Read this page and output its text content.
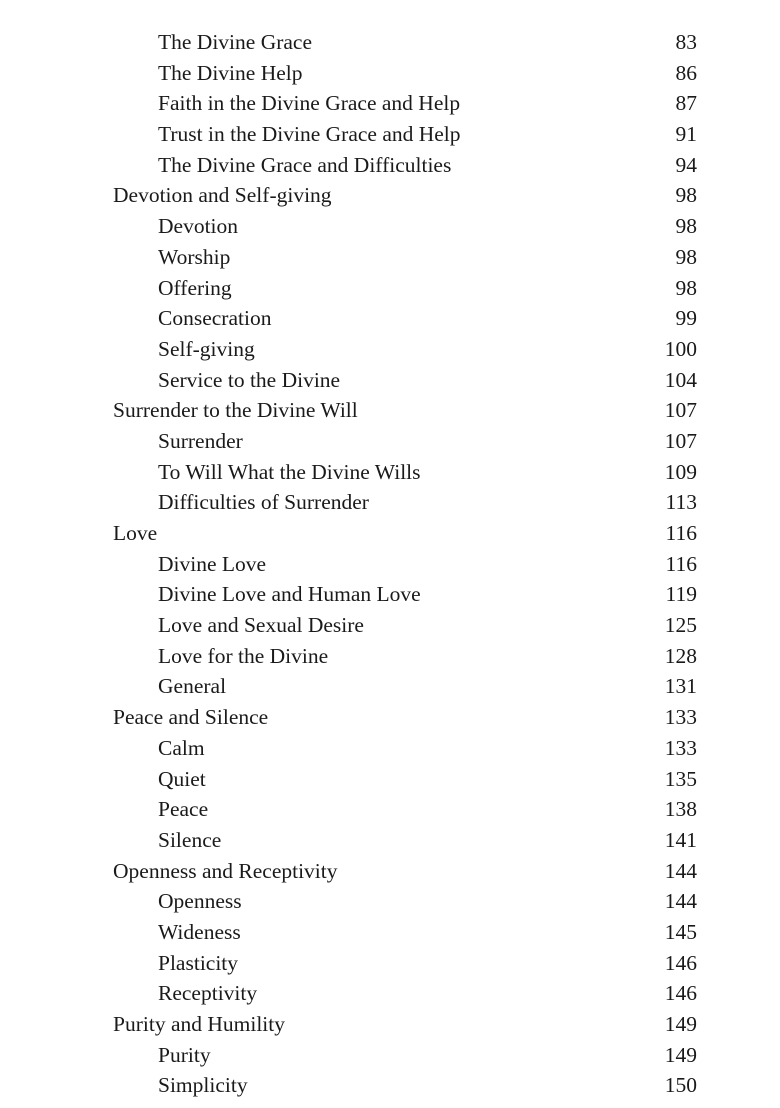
The Divine Grace	83
The Divine Help	86
Faith in the Divine Grace and Help	87
Trust in the Divine Grace and Help	91
The Divine Grace and Difficulties	94
Devotion and Self-giving	98
Devotion	98
Worship	98
Offering	98
Consecration	99
Self-giving	100
Service to the Divine	104
Surrender to the Divine Will	107
Surrender	107
To Will What the Divine Wills	109
Difficulties of Surrender	113
Love	116
Divine Love	116
Divine Love and Human Love	119
Love and Sexual Desire	125
Love for the Divine	128
General	131
Peace and Silence	133
Calm	133
Quiet	135
Peace	138
Silence	141
Openness and Receptivity	144
Openness	144
Wideness	145
Plasticity	146
Receptivity	146
Purity and Humility	149
Purity	149
Simplicity	150
